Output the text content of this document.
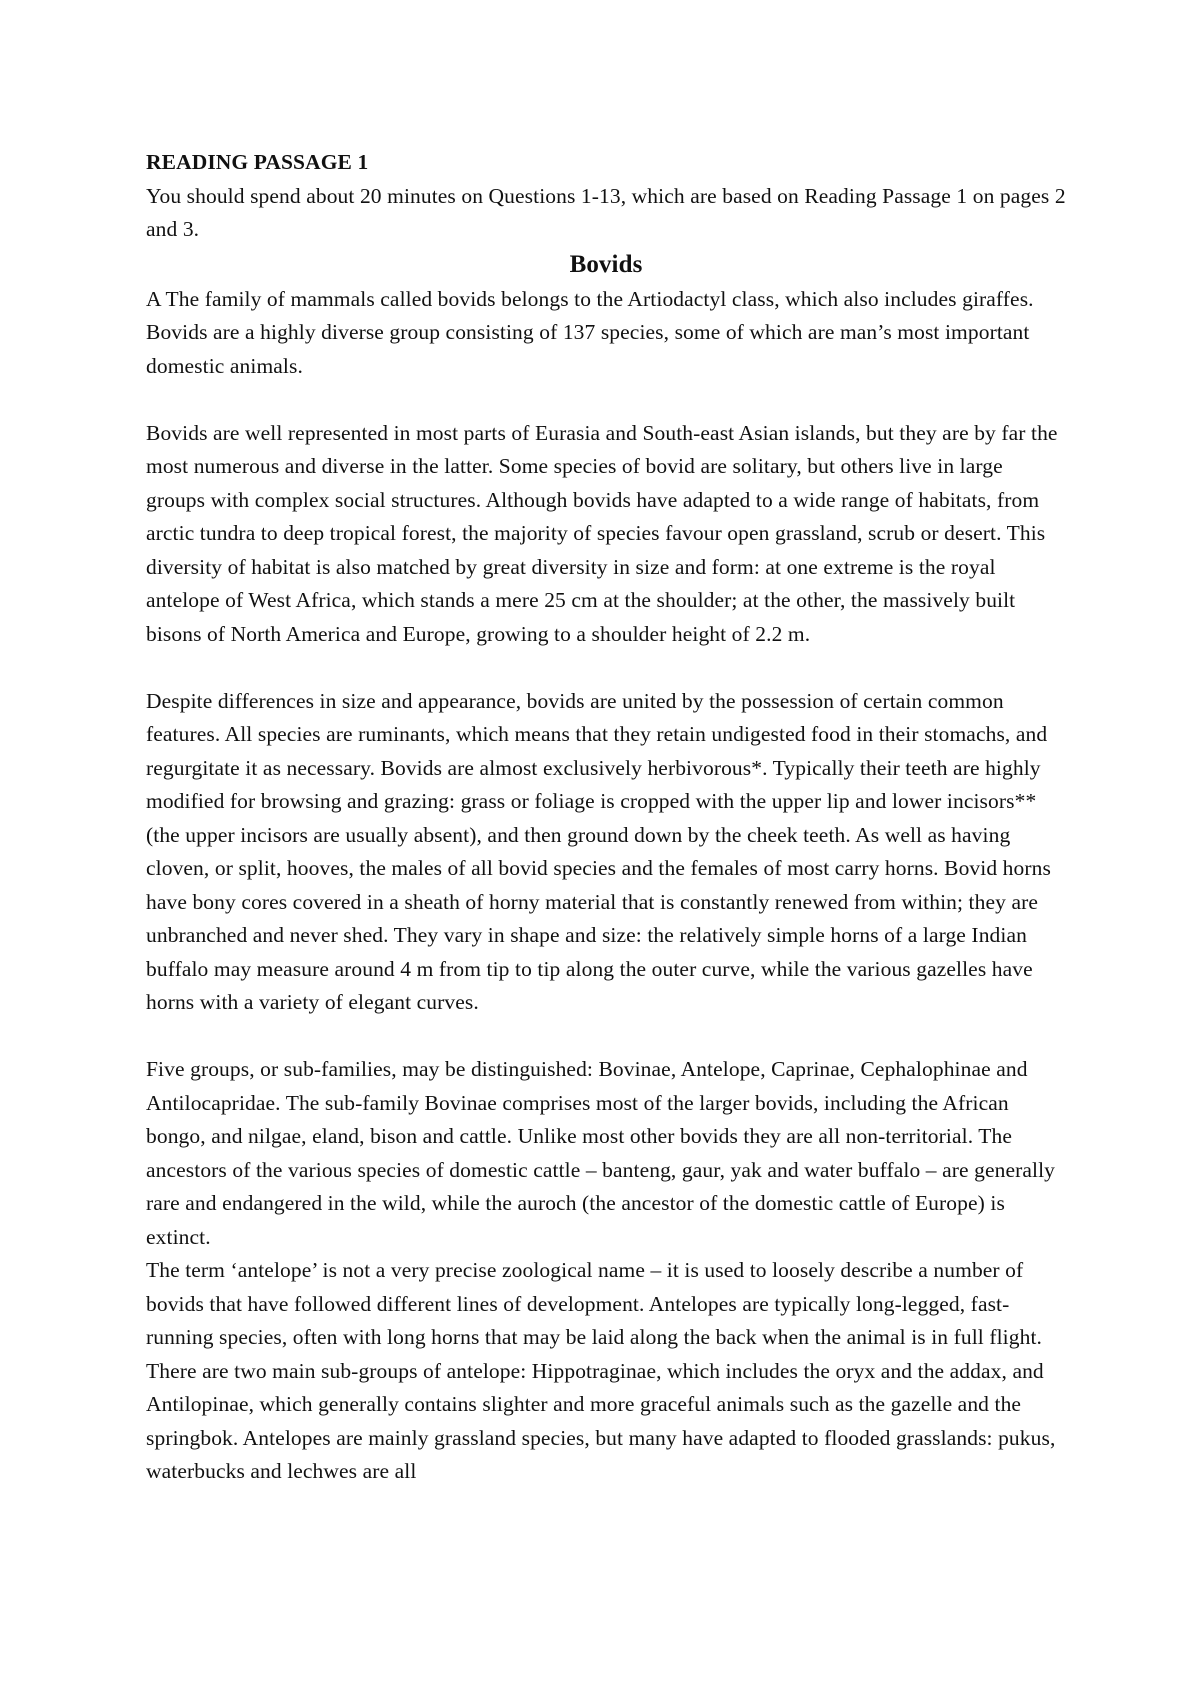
READING PASSAGE 1

You should spend about 20 minutes on Questions 1-13, which are based on Reading Passage 1 on pages 2 and 3.

Bovids

A The family of mammals called bovids belongs to the Artiodactyl class, which also includes giraffes. Bovids are a highly diverse group consisting of 137 species, some of which are man’s most important domestic animals.

Bovids are well represented in most parts of Eurasia and South-east Asian islands, but they are by far the most numerous and diverse in the latter. Some species of bovid are solitary, but others live in large groups with complex social structures. Although bovids have adapted to a wide range of habitats, from arctic tundra to deep tropical forest, the majority of species favour open grassland, scrub or desert. This diversity of habitat is also matched by great diversity in size and form: at one extreme is the royal antelope of West Africa, which stands a mere 25 cm at the shoulder; at the other, the massively built bisons of North America and Europe, growing to a shoulder height of 2.2 m.

Despite differences in size and appearance, bovids are united by the possession of certain common features. All species are ruminants, which means that they retain undigested food in their stomachs, and regurgitate it as necessary. Bovids are almost exclusively herbivorous*. Typically their teeth are highly modified for browsing and grazing: grass or foliage is cropped with the upper lip and lower incisors** (the upper incisors are usually absent), and then ground down by the cheek teeth. As well as having cloven, or split, hooves, the males of all bovid species and the females of most carry horns. Bovid horns have bony cores covered in a sheath of horny material that is constantly renewed from within; they are unbranched and never shed. They vary in shape and size: the relatively simple horns of a large Indian buffalo may measure around 4 m from tip to tip along the outer curve, while the various gazelles have horns with a variety of elegant curves.

Five groups, or sub-families, may be distinguished: Bovinae, Antelope, Caprinae, Cephalophinae and Antilocapridae. The sub-family Bovinae comprises most of the larger bovids, including the African bongo, and nilgae, eland, bison and cattle. Unlike most other bovids they are all non-territorial. The ancestors of the various species of domestic cattle – banteng, gaur, yak and water buffalo – are generally rare and endangered in the wild, while the auroch (the ancestor of the domestic cattle of Europe) is extinct.

The term ‘antelope’ is not a very precise zoological name – it is used to loosely describe a number of bovids that have followed different lines of development. Antelopes are typically long-legged, fast-running species, often with long horns that may be laid along the back when the animal is in full flight. There are two main sub-groups of antelope: Hippotraginae, which includes the oryx and the addax, and Antilopinae, which generally contains slighter and more graceful animals such as the gazelle and the springbok. Antelopes are mainly grassland species, but many have adapted to flooded grasslands: pukus, waterbucks and lechwes are all
